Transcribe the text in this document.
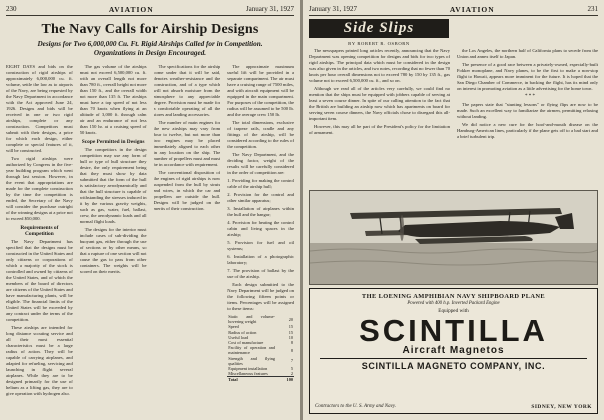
230	AVIATION	January 31, 1927
The Navy Calls for Airship Designs
Designs for Two 6,000,000 Cu. Ft. Rigid Airships Called for in Competition.
Organizations in Design Encouraged.

EIGHT DAYS and bids on the construction of rigid airships of approximately 6,000,000 cu. ft. volume, settle the law as to airports of the Navy, are being requested by the Navy Department in accordance with the Act approved June 24, 1926. Designs and bids will be received in one or two rigid airships, complete or any construction. Competitors must submit with their designs, a price for which each design, either complete or special features of it, will be constructed.

Two rigid airships were authorized by Congress in the five-year building program which went through last session. However, in the event that appropriations are made for the complete construction by the time the competition is ended, the Secretary of the Navy will consider the purchase outright of the winning designs at a price not to exceed $50,000.

Requirements of Competition

The Navy Department has specified that the designs must be constructed in the United States and only citizens or corporations of which a majority of the stock is controlled and owned by citizens of the United States, and of which the members of the board of directors are citizens of the United States and have manufacturing plants, will be eligible. The financial limits of the United States will be exceeded by any contract under the terms of the competition.

These airships are intended for long distance scouting service and all their most essential characteristics must be a large radius of action. They will be capable of carrying airplanes, and adapted for refueling, servicing and launching in flight several airplanes. While they are to be designed primarily for the use of helium as a lifting gas, they are to give operation with hydrogen also.

The gas volume of the airships must not exceed 6,500,000 cu. ft. with an overall length not more than 780 ft., overall height not more than 150 ft., and the overall width not more than 135 ft. The airships must have a top speed of not less than 70 knots when flying at an altitude of 3,000 ft. through calm air and an endurance of not less than 150 hr. at a cruising speed of 50 knots.

Scope Permitted in Designs

The competitors in the design competition may use any form of hull or type of hull structure they desire, the only requirement being that they must show by data submitted that the form of the hull is satisfactory aerodynamically and that the hull structure is capable of withstanding the stresses induced in it by the various gravity weights, such as gas, water, fuel, ballast, crew, the aerodynamic loads and all normal flight loads.

The designs for the interior must include cases of sub-dividing the buoyant gas, either through the use of sections or by other means, so that a rupture of one section will not cause the gas to pass from other containers. The weights will be scored on their merits.

The specifications for the airship come under that it will be said, denotes weather-resistance and the construction, and of a type which will not absorb moisture from the atmosphere to any appreciable degree. Provision must be made for a comfortable operating of all the stores and landing accessories.

The number of main engines for the new airships may vary from four to twelve, but not more than two engines may be placed immediately aligned to each other in any location on the ship. The number of propellers must and must be in accordance with requirement.

The conventional disposition of the engines of rigid airships is now suspended from the hull by struts and wires, in which the car and propellers are outside the hull. Designs will be judged on the merits of their construction.

The approximate maximum useful lift will be provided in a separate compartment. The air must have a cruising range of 7500 miles, and with aircraft equipment will be equipped in the main compartment. For purposes of the competition, the radius will be assumed to be 500 lb. and the average crew 150 lb.

The total dimensions, exclusive of trapeze rails, cradle and any fittings of the airship, will be considered according to the rules of the competition.

The Navy Department, and the deciding factor, weight of the results will be carefully considered in the order of competition are:

1. Providing for making the control cable of the airship hull;

2. Provision for the control and other similar apparatus;

3. Installation of airplanes within the hull and the hangar;

4. Provision for heating the control cabin and living spaces in the airship;

5. Provision for fuel and oil systems;

6. Installation of a photographic laboratory;

7. The provision of ballast by the use of the airship.

Each design submitted to the Navy Department will be judged on the following fifteen points or items. Percentages will be assigned to these items:

Static and volume-hovering weight	20
Speed	15
Radius of action	15
Useful load	10
Cost of manufacture	8
Facility of operation and maintenance	8
Strength and flying qualities	7
Equipment installation	5
Miscellaneous features	2
Total	100
January 31, 1927	AVIATION	231
Side Slips
BY ROBERT R. OSBORN

The newspapers printed long articles recently, announcing that the Navy Department was opening competition for designs and bids for two types of rigid airships. The principal data which must be considered in the design was also given in the articles, and two notes, recording that no fewer than 70 knots per hour overall dimensions not to exceed 780 by 150 by 135 ft., gas volume not to exceed 6,500,000 cu. ft., and so on.

Although we read all of the articles very carefully, we could find no mention that the ships must be equipped with jobbers capable of serving at least a seven course dinner. In spite of our calling attention to the fact that the British are building an airship now which has apartments on board for serving seven course dinners, the Navy officials chose to disregard this all-important item.

However, this may all be part of the President's policy for the limitation of armament.

the Los Angeles, the northern half of California plans to secede from the Union and annex itself to Japan.

The presence of a good race between a privately-owned, especially-built Fokker monoplane, and Navy planes, to be the first to make a non-stop flight to Hawaii, appears more imminent for the future. It is hoped that the San Diego Chamber of Commerce, in backing the flight, has its mind only on interest in promoting aviation as a little advertising for the home town.

* * *

The papers state that "stunting lessons" or flying flips are now to be made. Such an excellent way to familiarize the airmen, permitting relaxing without landing.

We did notice a new cure for the hoof-and-mouth disease on the Hamburg-American lines, particularly if the plane gets off to a bad start and a brief turbulent trip.

THE LOENING AMPHIBIAN NAVY SHIPBOARD PLANE
Powered with 400 h.p. Inverted Packard Engine
Equipped with
SCINTILLA
Aircraft Magnetos
SCINTILLA MAGNETO COMPANY, INC.
Contractors to the U. S. Army and Navy.	SIDNEY, NEW YORK
